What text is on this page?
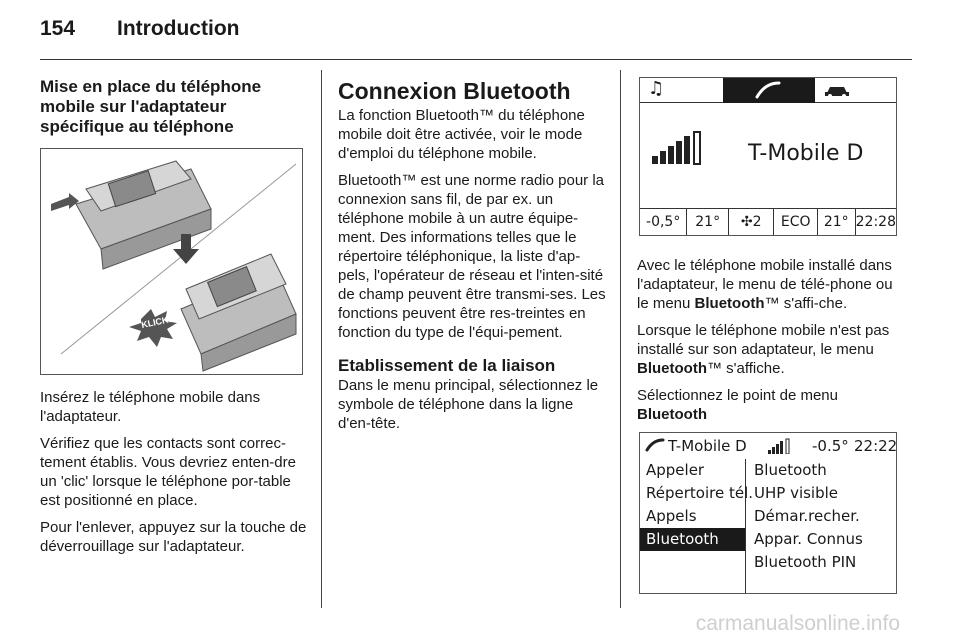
154 Introduction
Mise en place du téléphone mobile sur l'adaptateur spécifique au téléphone
KLICK!

Insérez le téléphone mobile dans l'adaptateur.

Vérifiez que les contacts sont correc-tement établis. Vous devriez enten-dre un 'clic' lorsque le téléphone por-table est positionné en place.

Pour l'enlever, appuyez sur la touche de déverrouillage sur l'adaptateur.

Connexion Bluetooth

La fonction Bluetooth™ du téléphone mobile doit être activée, voir le mode d'emploi du téléphone mobile.

Bluetooth™ est une norme radio pour la connexion sans fil, de par ex. un téléphone mobile à un autre équipe-ment. Des informations telles que le répertoire téléphonique, la liste d'ap-pels, l'opérateur de réseau et l'inten-sité de champ peuvent être transmi-ses. Les fonctions peuvent être res-treintes en fonction du type de l'équi-pement.

Etablissement de la liaison

Dans le menu principal, sélectionnez le symbole de téléphone dans la ligne d'en-tête.

♫
T-Mobile D
-0,5°	21°	✣ 2	ECO 21° 22:28

Avec le téléphone mobile installé dans l'adaptateur, le menu de télé-phone ou le menu Bluetooth™ s'affi-che.

Lorsque le téléphone mobile n'est pas installé sur son adaptateur, le menu Bluetooth™ s'affiche.

Sélectionnez le point de menu Bluetooth

T-Mobile D	-0.5° 22:22
Appeler
Répertoire tél.
Appels
Bluetooth
Bluetooth
UHP visible
Démar.recher.
Appar. Connus
Bluetooth PIN
carmanualsonline.info
